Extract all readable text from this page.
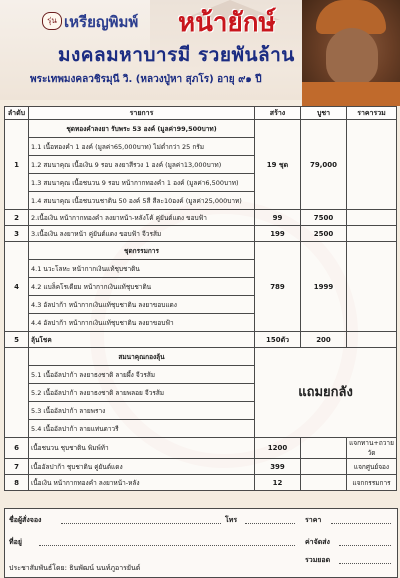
รุ่น เหรียญพิมพ์ หน้ายักษ์
มงคลมหาบารมี รวยพันล้าน
พระเทพมงคลวชิรมุนี วิ. (หลวงปู่หา สุภโร) อายุ ๙๑ ปี
ลำดับ	รายการ	สร้าง	บูชา	ราคารวม
1	ชุดทองคำลงยา รับพระ 53 องค์ (มูลค่า99,500บาท)	19 ชุด	79,000	
	1.1 เนื้อทองคำ 1 องค์ (มูลค่า65,000บาท) ไม่ต่ำกว่า 25 กรัม			
	1.2 สมนาคุณ เนื้อเงิน 9 รอบ ลงยาสีรวง 1 องค์ (มูลค่า13,000บาท)			
	1.3 สมนาคุณ เนื้อชนวน 9 รอบ หน้ากากทองคำ 1 องค์ (มูลค่า6,500บาท)			
	1.4 สมนาคุณ เนื้อชนวนชาติน 50 องค์ 5สี สีละ10องค์ (มูลค่า25,000บาท)			
2	2.เนื้อเงิน หน้ากากทองคำ ลงยาหน้า-หลังโค้ คู่ยันต์แดง ขอบฟ้า	99	7500	
3	3.เนื้อเงิน ลงยาหน้า คู่ยันต์แดง ขอบฟ้า จีวรส้ม	199	2500	
4	ชุดกรรมการ	789	1999	
	4.1 นวะโลหะ หน้ากากเงินแท้ชุบชาติน			
	4.2 แบล็คโรเดียม หน้ากากเงินแท้ชุบชาติน			
	4.3 อัลปาก้า หน้ากากเงินแท้ชุบชาติน ลงยาขอบแดง			
	4.4 อัลปาก้า หน้ากากเงินแท้ชุบชาติน ลงยาขอบฟ้า			
5	ลุ้นโชค	150ตัว	200	
	สมนาคุณกองลุ้น	แถมยกลัง		
	5.1 เนื้ออัลปาก้า ลงยาธงชาติ ลายผึ้ง จีวรส้ม			
	5.2 เนื้ออัลปาก้า ลงยาธงชาติ ลายพลอย จีวรส้ม			
	5.3 เนื้ออัลปาก้า ลายพราง			
	5.4 เนื้ออัลปาก้า ลายแท่นดาวรี			
6	เนื้อชนวน ชุบชาติน พิมพ์ท้า	1200		แจกทาน+ถวายวัด
7	เนื้ออัลปาก้า ชุบชาติน คู่ยันต์แดง	399		แจกศูนย์จอง
8	เนื้อเงิน หน้ากากทองคำ ลงยาหน้า-หลัง	12		แจกกรรมการ
ชื่อผู้สั่งจอง	โทร	ราคา
ที่อยู่	ค่าจัดส่ง
รวมยอด
ประชาสัมพันธ์โดย: ธินพัฒน์ นนท์ภูอารยันต์
